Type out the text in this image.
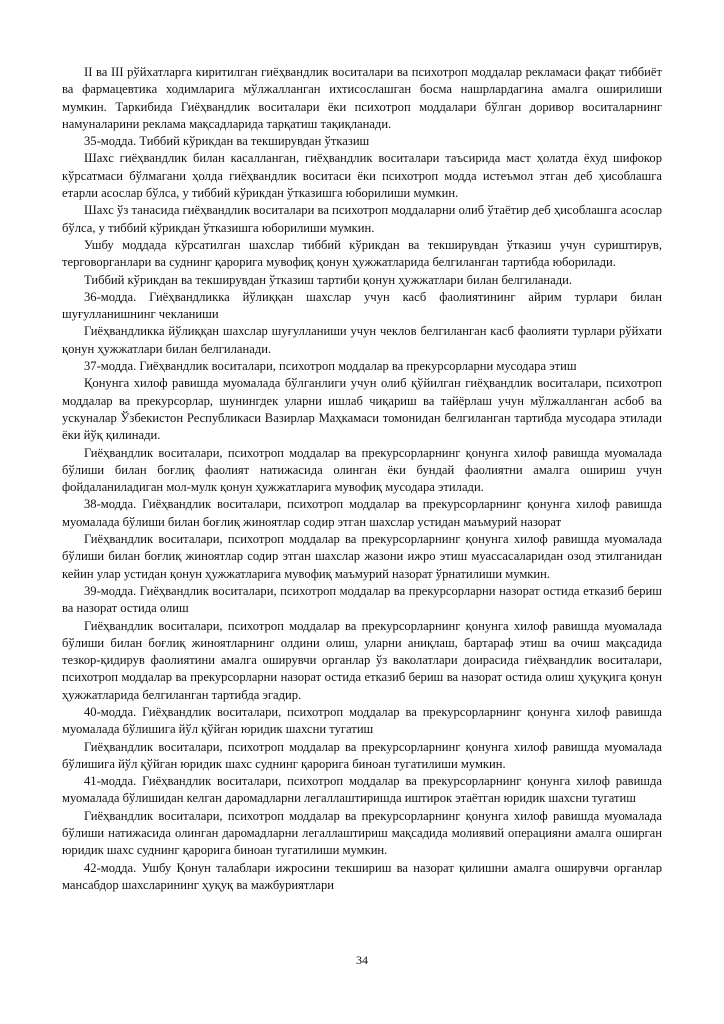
II ва III рўйхатларга киритилган гиёҳвандлик воситалари ва психотроп моддалар рекламаси фақат тиббиёт ва фармацевтика ходимларига мўлжалланган ихтисослашган босма нашрлардагина амалга оширилиши мумкин. Таркибида Гиёҳвандлик воситалари ёки психотроп моддалари бўлган доривор воситаларнинг намуналарини реклама мақсадларида тарқатиш тақиқланади.

35-модда. Тиббий кўрикдан ва текширувдан ўтказиш

Шахс гиёҳвандлик билан касалланган, гиёҳвандлик воситалари таъсирида маст ҳолатда ёхуд шифокор кўрсатмаси бўлмагани ҳолда гиёҳвандлик воситаси ёки психотроп модда истеъмол этган деб ҳисоблашга етарли асослар бўлса, у тиббий кўрикдан ўтказишга юборилиши мумкин.

Шахс ўз танасида гиёҳвандлик воситалари ва психотроп моддаларни олиб ўтаётир деб ҳисоблашга асослар бўлса, у тиббий кўрикдан ўтказишга юборилиши мумкин.

Ушбу моддада кўрсатилган шахслар тиббий кўрикдан ва текширувдан ўтказиш учун суриштирув, терговорганлари ва суднинг қарорига мувофиқ қонун ҳужжатларида белгиланган тартибда юборилади.

Тиббий кўрикдан ва текширувдан ўтказиш тартиби қонун ҳужжатлари билан белгиланади.

36-модда. Гиёҳвандликка йўлиққан шахслар учун касб фаолиятининг айрим турлари билан шуғулланишнинг чекланиши

Гиёҳвандликка йўлиққан шахслар шуғулланиши учун чеклов белгиланган касб фаолияти турлари рўйхати қонун ҳужжатлари билан белгиланади.

37-модда. Гиёҳвандлик воситалари, психотроп моддалар ва прекурсорларни мусодара этиш

Қонунга хилоф равишда муомалада бўлганлиги учун олиб қўйилган гиёҳвандлик воситалари, психотроп моддалар ва прекурсорлар, шунингдек уларни ишлаб чиқариш ва тайёрлаш учун мўлжалланган асбоб ва ускуналар Ўзбекистон Республикаси Вазирлар Маҳкамаси томонидан белгиланган тартибда мусодара этилади ёки йўқ қилинади.

Гиёҳвандлик воситалари, психотроп моддалар ва прекурсорларнинг қонунга хилоф равишда муомалада бўлиши билан боғлиқ фаолият натижасида олинган ёки бундай фаолиятни амалга ошириш учун фойдаланиладиган мол-мулк қонун ҳужжатларига мувофиқ мусодара этилади.

38-модда. Гиёҳвандлик воситалари, психотроп моддалар ва прекурсорларнинг қонунга хилоф равишда муомалада бўлиши билан боғлиқ жиноятлар содир этган шахслар устидан маъмурий назорат

Гиёҳвандлик воситалари, психотроп моддалар ва прекурсорларнинг қонунга хилоф равишда муомалада бўлиши билан боғлиқ жиноятлар содир этган шахслар жазони ижро этиш муассасаларидан озод этилганидан кейин улар устидан қонун ҳужжатларига мувофиқ маъмурий назорат ўрнатилиши мумкин.

39-модда. Гиёҳвандлик воситалари, психотроп моддалар ва прекурсорларни назорат остида етказиб бериш ва назорат остида олиш

Гиёҳвандлик воситалари, психотроп моддалар ва прекурсорларнинг қонунга хилоф равишда муомалада бўлиши билан боғлиқ жиноятларнинг олдини олиш, уларни аниқлаш, бартараф этиш ва очиш мақсадида тезкор-қидирув фаолиятини амалга оширувчи органлар ўз ваколатлари доирасида гиёҳвандлик воситалари, психотроп моддалар ва прекурсорларни назорат остида етказиб бериш ва назорат остида олиш ҳуқуқига қонун ҳужжатларида белгиланган тартибда эгадир.

40-модда. Гиёҳвандлик воситалари, психотроп моддалар ва прекурсорларнинг қонунга хилоф равишда муомалада бўлишига йўл қўйган юридик шахсни тугатиш

Гиёҳвандлик воситалари, психотроп моддалар ва прекурсорларнинг қонунга хилоф равишда муомалада бўлишига йўл қўйган юридик шахс суднинг қарорига биноан тугатилиши мумкин.

41-модда. Гиёҳвандлик воситалари, психотроп моддалар ва прекурсорларнинг қонунга хилоф равишда муомалада бўлишидан келган даромадларни легаллаштиришда иштирок этаётган юридик шахсни тугатиш

Гиёҳвандлик воситалари, психотроп моддалар ва прекурсорларнинг қонунга хилоф равишда муомалада бўлиши натижасида олинган даромадларни легаллаштириш мақсадида молиявий операцияни амалга оширган юридик шахс суднинг қарорига биноан тугатилиши мумкин.

42-модда. Ушбу Қонун талаблари ижросини текшириш ва назорат қилишни амалга оширувчи органлар мансабдор шахсларининг ҳуқуқ ва мажбуриятлари

34
